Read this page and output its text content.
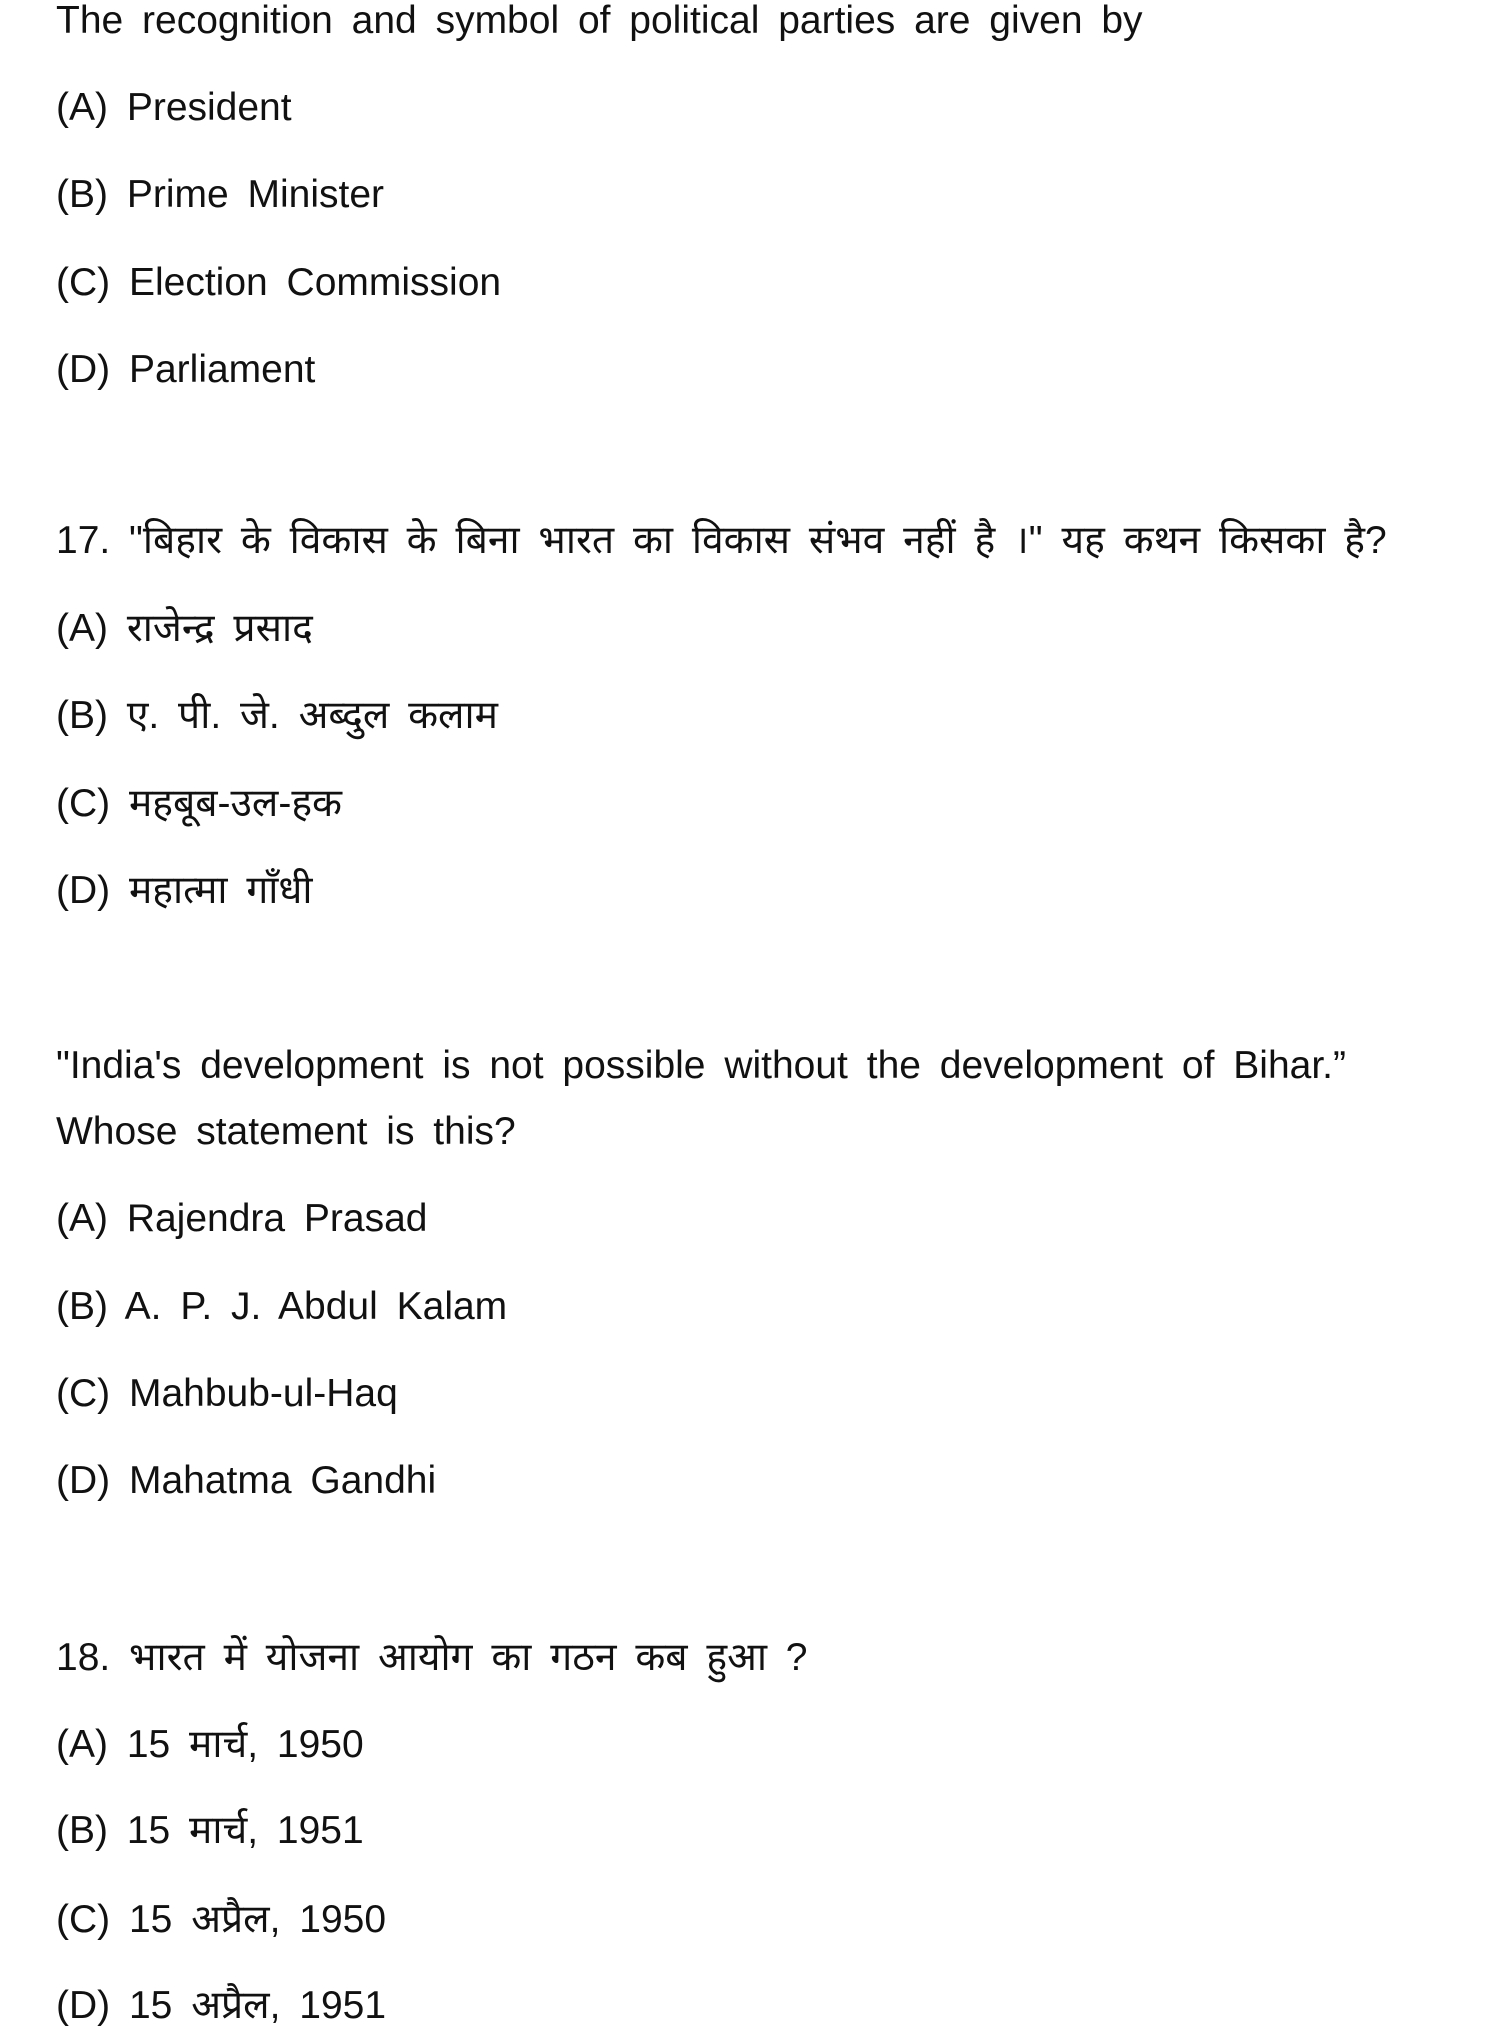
The recognition and symbol of political parties are given by
(A) President
(B) Prime Minister
(C) Election Commission
(D) Parliament
17. "बिहार के विकास के बिना भारत का विकास संभव नहीं है ।" यह कथन किसका है?
(A) राजेन्द्र प्रसाद
(B) ए. पी. जे. अब्दुल कलाम
(C) महबूब-उल-हक
(D) महात्मा गाँधी
"India's development is not possible without the development of Bihar.”
Whose statement is this?
(A) Rajendra Prasad
(B) A. P. J. Abdul Kalam
(C) Mahbub-ul-Haq
(D) Mahatma Gandhi
18. भारत में योजना आयोग का गठन कब हुआ ?
(A) 15 मार्च, 1950
(B) 15 मार्च, 1951
(C) 15 अप्रैल, 1950
(D) 15 अप्रैल, 1951
